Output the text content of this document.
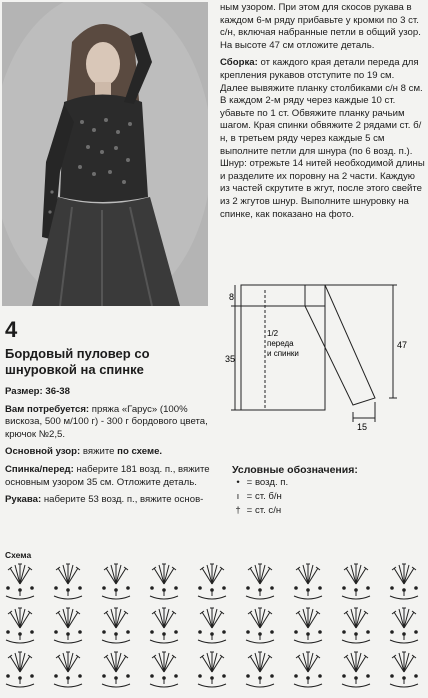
ным узором. При этом для скосов рукава в каждом 6-м ряду прибавьте у кромки по 3 ст. с/н, включая набранные петли в общий узор. На высоте 47 см отложите деталь.

Сборка: от каждого края детали переда для крепления рукавов отступите по 19 см. Далее вывяжите планку столбиками с/н 8 см. В каждом 2-м ряду через каждые 10 ст. убавьте по 1 ст. Обвяжите планку рачьим шагом. Края спинки обвяжите 2 рядами ст. б/н, в третьем ряду через каждые 5 см выполните петли для шнура (по 6 возд. п.). Шнур: отрежьте 14 нитей необходимой длины и разделите их поровну на 2 части. Каждую из частей скрутите в жгут, после этого свейте из 2 жгутов шнур. Выполните шнуровку на спинке, как показано на фото.

4
Бордовый пуловер со шнуровкой на спинке

Размер: 36-38

Вам потребуется: пряжа «Гарус» (100% вискоза, 500 м/100 г) - 300 г бордового цвета, крючок №2,5.

Основной узор: вяжите по схеме.

Спинка/перед: наберите 181 возд. п., вяжите основным узором 35 см. Отложите деталь.

Рукава: наберите 53 возд. п., вяжите основ-

8
35
47
15
1/2
переда
и спинки
Условные обозначения:
• = возд. п.
ı = ст. б/н
† = ст. с/н
Схема
